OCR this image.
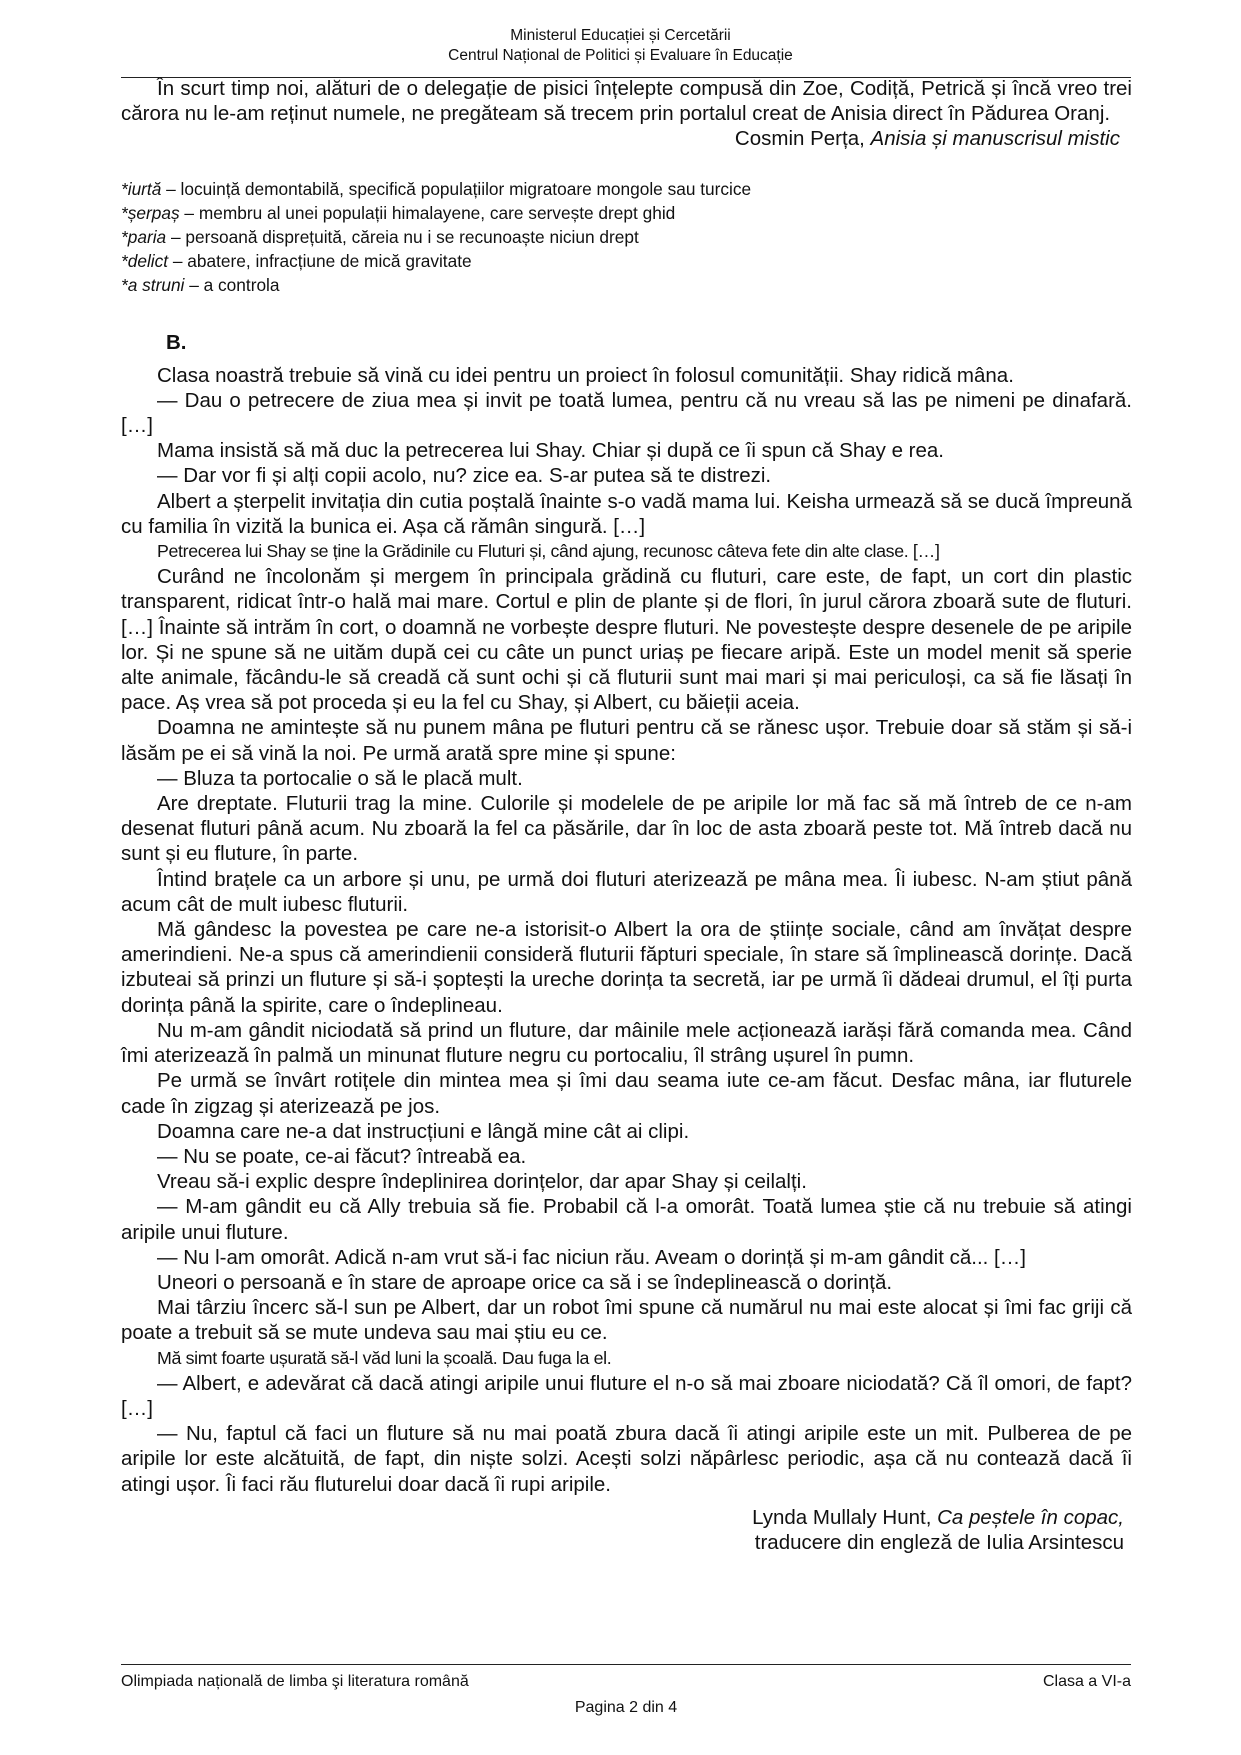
Ministerul Educației și Cercetării
Centrul Național de Politici și Evaluare în Educație

În scurt timp noi, alături de o delegație de pisici înțelepte compusă din Zoe, Codiță, Petrică și încă vreo trei cărora nu le-am reținut numele, ne pregăteam să trecem prin portalul creat de Anisia direct în Pădurea Oranj.

Cosmin Perța, Anisia și manuscrisul mistic

*iurtă – locuință demontabilă, specifică populațiilor migratoare mongole sau turcice

*șerpaș – membru al unei populații himalayene, care servește drept ghid

*paria – persoană disprețuită, căreia nu i se recunoaște niciun drept

*delict – abatere, infracțiune de mică gravitate

*a struni – a controla

B.

Clasa noastră trebuie să vină cu idei pentru un proiect în folosul comunității. Shay ridică mâna.

— Dau o petrecere de ziua mea și invit pe toată lumea, pentru că nu vreau să las pe nimeni pe dinafară. […]

Mama insistă să mă duc la petrecerea lui Shay. Chiar și după ce îi spun că Shay e rea.

— Dar vor fi și alți copii acolo, nu? zice ea. S-ar putea să te distrezi.

Albert a șterpelit invitația din cutia poștală înainte s-o vadă mama lui. Keisha urmează să se ducă împreună cu familia în vizită la bunica ei. Așa că rămân singură. […]

Petrecerea lui Shay se ține la Grădinile cu Fluturi și, când ajung, recunosc câteva fete din alte clase. […]

Curând ne încolonăm și mergem în principala grădină cu fluturi, care este, de fapt, un cort din plastic transparent, ridicat într-o hală mai mare. Cortul e plin de plante și de flori, în jurul cărora zboară sute de fluturi. […] Înainte să intrăm în cort, o doamnă ne vorbește despre fluturi. Ne povestește despre desenele de pe aripile lor. Și ne spune să ne uităm după cei cu câte un punct uriaș pe fiecare aripă. Este un model menit să sperie alte animale, făcându-le să creadă că sunt ochi și că fluturii sunt mai mari și mai periculoși, ca să fie lăsați în pace. Aș vrea să pot proceda și eu la fel cu Shay, și Albert, cu băieții aceia.

Doamna ne amintește să nu punem mâna pe fluturi pentru că se rănesc ușor. Trebuie doar să stăm și să-i lăsăm pe ei să vină la noi. Pe urmă arată spre mine și spune:

— Bluza ta portocalie o să le placă mult.

Are dreptate. Fluturii trag la mine. Culorile și modelele de pe aripile lor mă fac să mă întreb de ce n-am desenat fluturi până acum. Nu zboară la fel ca păsările, dar în loc de asta zboară peste tot. Mă întreb dacă nu sunt și eu fluture, în parte.

Întind brațele ca un arbore și unu, pe urmă doi fluturi aterizează pe mâna mea. Îi iubesc. N-am știut până acum cât de mult iubesc fluturii.

Mă gândesc la povestea pe care ne-a istorisit-o Albert la ora de științe sociale, când am învățat despre amerindieni. Ne-a spus că amerindienii consideră fluturii făpturi speciale, în stare să împlinească dorințe. Dacă izbuteai să prinzi un fluture și să-i șoptești la ureche dorința ta secretă, iar pe urmă îi dădeai drumul, el îți purta dorința până la spirite, care o îndeplineau.

Nu m-am gândit niciodată să prind un fluture, dar mâinile mele acționează iarăși fără comanda mea. Când îmi aterizează în palmă un minunat fluture negru cu portocaliu, îl strâng ușurel în pumn.

Pe urmă se învârt rotițele din mintea mea și îmi dau seama iute ce-am făcut. Desfac mâna, iar fluturele cade în zigzag și aterizează pe jos.

Doamna care ne-a dat instrucțiuni e lângă mine cât ai clipi.

— Nu se poate, ce-ai făcut? întreabă ea.

Vreau să-i explic despre îndeplinirea dorințelor, dar apar Shay și ceilalți.

— M-am gândit eu că Ally trebuia să fie. Probabil că l-a omorât. Toată lumea știe că nu trebuie să atingi aripile unui fluture.

— Nu l-am omorât. Adică n-am vrut să-i fac niciun rău. Aveam o dorință și m-am gândit că... […]

Uneori o persoană e în stare de aproape orice ca să i se îndeplinească o dorință.

Mai târziu încerc să-l sun pe Albert, dar un robot îmi spune că numărul nu mai este alocat și îmi fac griji că poate a trebuit să se mute undeva sau mai știu eu ce.

Mă simt foarte ușurată să-l văd luni la școală. Dau fuga la el.

— Albert, e adevărat că dacă atingi aripile unui fluture el n-o să mai zboare niciodată? Că îl omori, de fapt? […]

— Nu, faptul că faci un fluture să nu mai poată zbura dacă îi atingi aripile este un mit. Pulberea de pe aripile lor este alcătuită, de fapt, din niște solzi. Acești solzi năpârlesc periodic, așa că nu contează dacă îi atingi ușor. Îi faci rău fluturelui doar dacă îi rupi aripile.

Lynda Mullaly Hunt, Ca peștele în copac,
traducere din engleză de Iulia Arsintescu
Olimpiada națională de limba şi literatura română	Clasa a VI-a
Pagina 2 din 4
